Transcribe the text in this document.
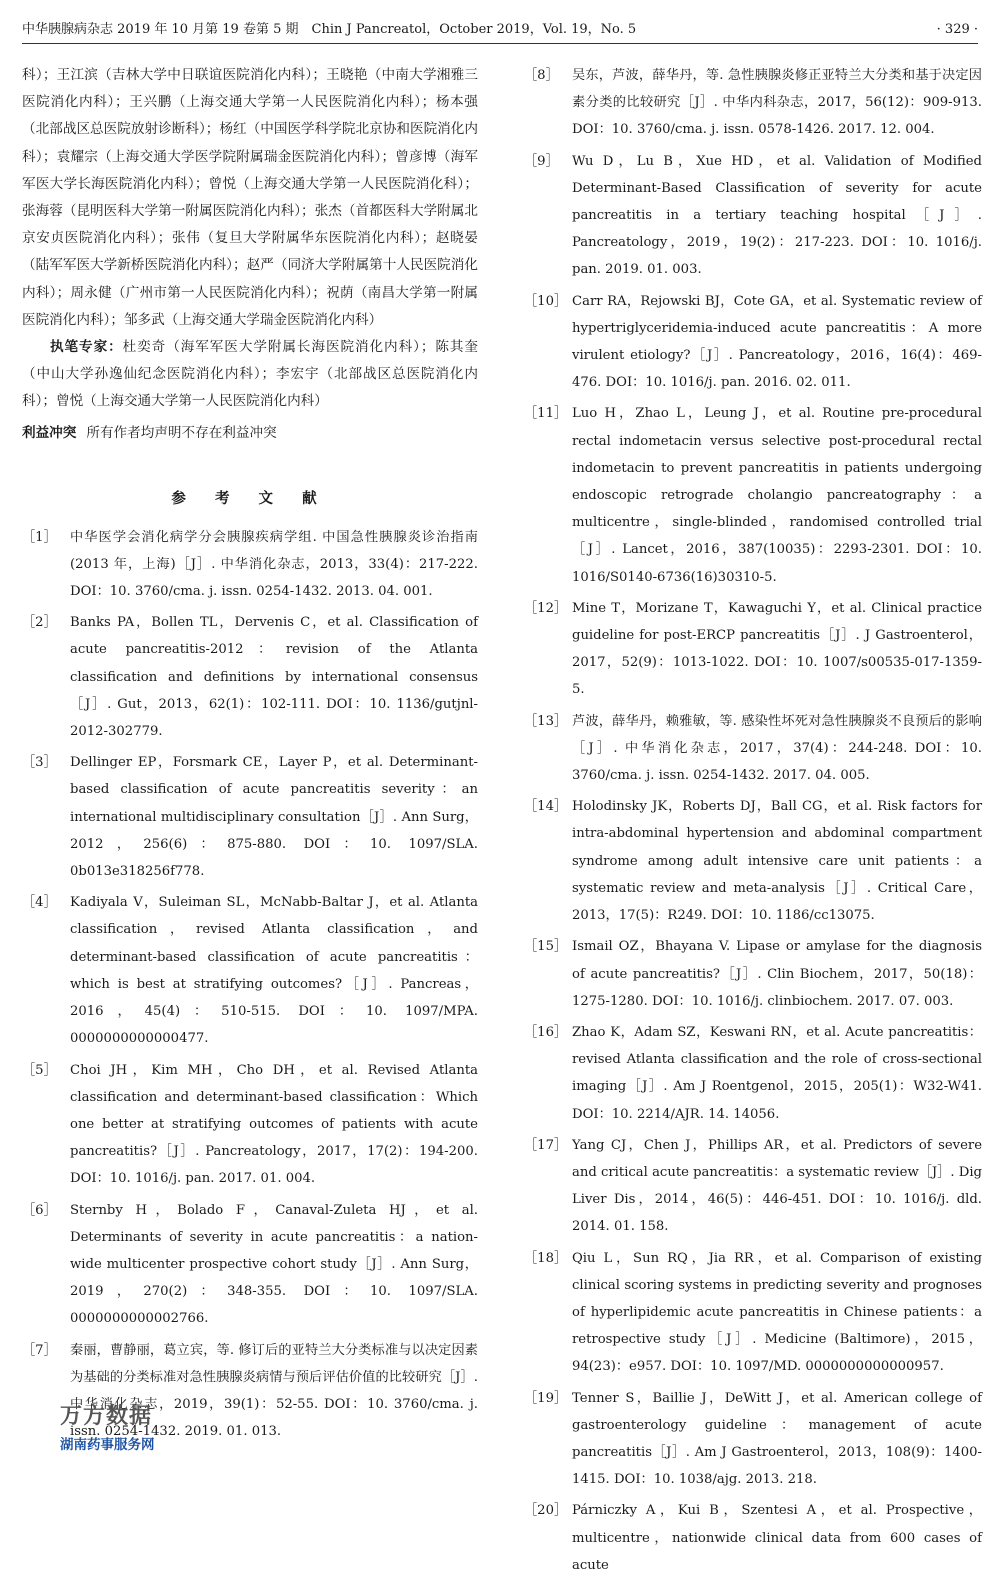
中华胰腺病杂志 2019 年 10 月第 19 卷第 5 期　Chin J Pancreatol，October 2019，Vol. 19，No. 5	· 329 ·

科）；王江滨（吉林大学中日联谊医院消化内科）；王晓艳（中南大学湘雅三医院消化内科）；王兴鹏（上海交通大学第一人民医院消化内科）；杨本强（北部战区总医院放射诊断科）；杨红（中国医学科学院北京协和医院消化内科）；袁耀宗（上海交通大学医学院附属瑞金医院消化内科）；曾彦博（海军军医大学长海医院消化内科）；曾悦（上海交通大学第一人民医院消化科）；张海蓉（昆明医科大学第一附属医院消化内科）；张杰（首都医科大学附属北京安贞医院消化内科）；张伟（复旦大学附属华东医院消化内科）；赵晓晏（陆军军医大学新桥医院消化内科）；赵严（同济大学附属第十人民医院消化内科）；周永健（广州市第一人民医院消化内科）；祝荫（南昌大学第一附属医院消化内科）；邹多武（上海交通大学瑞金医院消化内科）

执笔专家：杜奕奇（海军军医大学附属长海医院消化内科）；陈其奎（中山大学孙逸仙纪念医院消化内科）；李宏宇（北部战区总医院消化内科）；曾悦（上海交通大学第一人民医院消化内科）

利益冲突 所有作者均声明不存在利益冲突

参 考 文 献
［1］	中华医学会消化病学分会胰腺疾病学组. 中国急性胰腺炎诊治指南(2013 年，上海)［J］. 中华消化杂志，2013，33(4)：217-222. DOI：10. 3760/cma. j. issn. 0254-1432. 2013. 04. 001.
［2］	Banks PA，Bollen TL，Dervenis C，et al. Classification of acute pancreatitis-2012：revision of the Atlanta classification and definitions by international consensus［J］. Gut，2013，62(1)：102-111. DOI：10. 1136/gutjnl-2012-302779.
［3］	Dellinger EP，Forsmark CE，Layer P，et al. Determinant-based classification of acute pancreatitis severity：an international multidisciplinary consultation［J］. Ann Surg，2012，256(6)：875-880. DOI：10. 1097/SLA. 0b013e318256f778.
［4］	Kadiyala V，Suleiman SL，McNabb-Baltar J，et al. Atlanta classification，revised Atlanta classification，and determinant-based classification of acute pancreatitis：which is best at stratifying outcomes?［J］. Pancreas，2016，45(4)：510-515. DOI：10. 1097/MPA. 0000000000000477.
［5］	Choi JH，Kim MH，Cho DH，et al. Revised Atlanta classification and determinant-based classification：Which one better at stratifying outcomes of patients with acute pancreatitis?［J］. Pancreatology，2017，17(2)：194-200. DOI：10. 1016/j. pan. 2017. 01. 004.
［6］	Sternby H，Bolado F，Canaval-Zuleta HJ，et al. Determinants of severity in acute pancreatitis：a nation-wide multicenter prospective cohort study［J］. Ann Surg，2019，270(2)：348-355. DOI：10. 1097/SLA. 0000000000002766.
［7］	秦丽，曹静丽，葛立宾，等. 修订后的亚特兰大分类标准与以决定因素为基础的分类标准对急性胰腺炎病情与预后评估价值的比较研究［J］. 中华消化杂志，2019，39(1)：52-55. DOI：10. 3760/cma. j. issn. 0254-1432. 2019. 01. 013.
［8］	吴东，芦波，薛华丹，等. 急性胰腺炎修正亚特兰大分类和基于决定因素分类的比较研究［J］. 中华内科杂志，2017，56(12)：909-913. DOI：10. 3760/cma. j. issn. 0578-1426. 2017. 12. 004.
［9］	Wu D，Lu B，Xue HD，et al. Validation of Modified Determinant-Based Classification of severity for acute pancreatitis in a tertiary teaching hospital［J］. Pancreatology，2019，19(2)：217-223. DOI：10. 1016/j. pan. 2019. 01. 003.
［10］ Carr RA，Rejowski BJ，Cote GA，et al. Systematic review of hypertriglyceridemia-induced acute pancreatitis：A more virulent etiology?［J］. Pancreatology，2016，16(4)：469-476. DOI：10. 1016/j. pan. 2016. 02. 011.
［11］ Luo H，Zhao L，Leung J，et al. Routine pre-procedural rectal indometacin versus selective post-procedural rectal indometacin to prevent pancreatitis in patients undergoing endoscopic retrograde cholangio pancreatography：a multicentre，single-blinded，randomised controlled trial［J］. Lancet，2016，387(10035)：2293-2301. DOI：10. 1016/S0140-6736(16)30310-5.
［12］ Mine T，Morizane T，Kawaguchi Y，et al. Clinical practice guideline for post-ERCP pancreatitis［J］. J Gastroenterol，2017，52(9)：1013-1022. DOI：10. 1007/s00535-017-1359-5.
［13］ 芦波，薛华丹，赖雅敏，等. 感染性坏死对急性胰腺炎不良预后的影响［J］. 中华消化杂志，2017，37(4)：244-248. DOI：10. 3760/cma. j. issn. 0254-1432. 2017. 04. 005.
［14］ Holodinsky JK，Roberts DJ，Ball CG，et al. Risk factors for intra-abdominal hypertension and abdominal compartment syndrome among adult intensive care unit patients：a systematic review and meta-analysis［J］. Critical Care，2013，17(5)：R249. DOI：10. 1186/cc13075.
［15］ Ismail OZ，Bhayana V. Lipase or amylase for the diagnosis of acute pancreatitis?［J］. Clin Biochem，2017，50(18)：1275-1280. DOI：10. 1016/j. clinbiochem. 2017. 07. 003.
［16］ Zhao K，Adam SZ，Keswani RN，et al. Acute pancreatitis：revised Atlanta classification and the role of cross-sectional imaging［J］. Am J Roentgenol，2015，205(1)：W32-W41. DOI：10. 2214/AJR. 14. 14056.
［17］ Yang CJ，Chen J，Phillips AR，et al. Predictors of severe and critical acute pancreatitis：a systematic review［J］. Dig Liver Dis，2014，46(5)：446-451. DOI：10. 1016/j. dld. 2014. 01. 158.
［18］ Qiu L，Sun RQ，Jia RR，et al. Comparison of existing clinical scoring systems in predicting severity and prognoses of hyperlipidemic acute pancreatitis in Chinese patients：a retrospective study［J］. Medicine (Baltimore)，2015，94(23)：e957. DOI：10. 1097/MD. 0000000000000957.
［19］ Tenner S，Baillie J，DeWitt J，et al. American college of gastroenterology guideline：management of acute pancreatitis［J］. Am J Gastroenterol，2013，108(9)：1400-1415. DOI：10. 1038/ajg. 2013. 218.
［20］ Párniczky A，Kui B，Szentesi A，et al. Prospective，multicentre，nationwide clinical data from 600 cases of acute
万方数据
湖南药事服务网
